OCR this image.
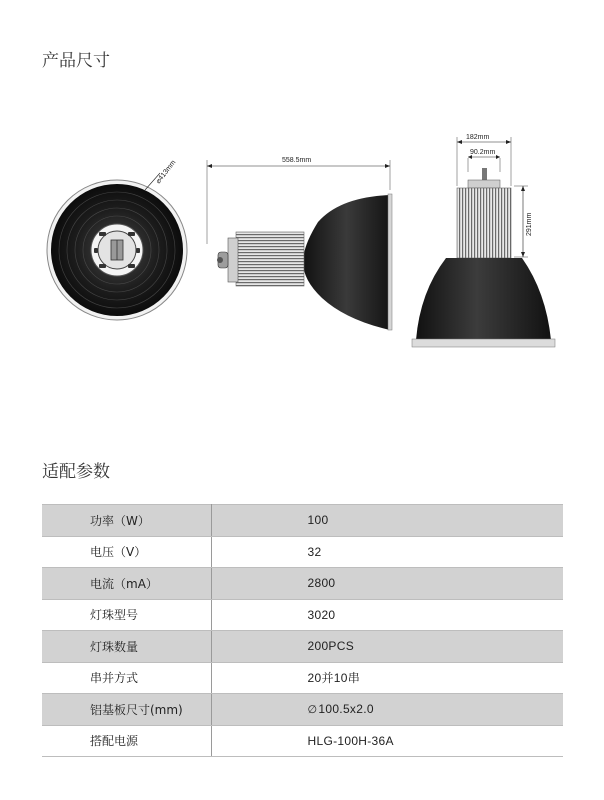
产品尺寸
⌀413mm	558.5mm
182mm
90.2mm
291mm
适配参数
功率（W）	100
电压（V）	32
电流（mA）	2800
灯珠型号	3020
灯珠数量	200PCS
串并方式	20并10串
铝基板尺寸(mm)	∅100.5x2.0
搭配电源	HLG-100H-36A
